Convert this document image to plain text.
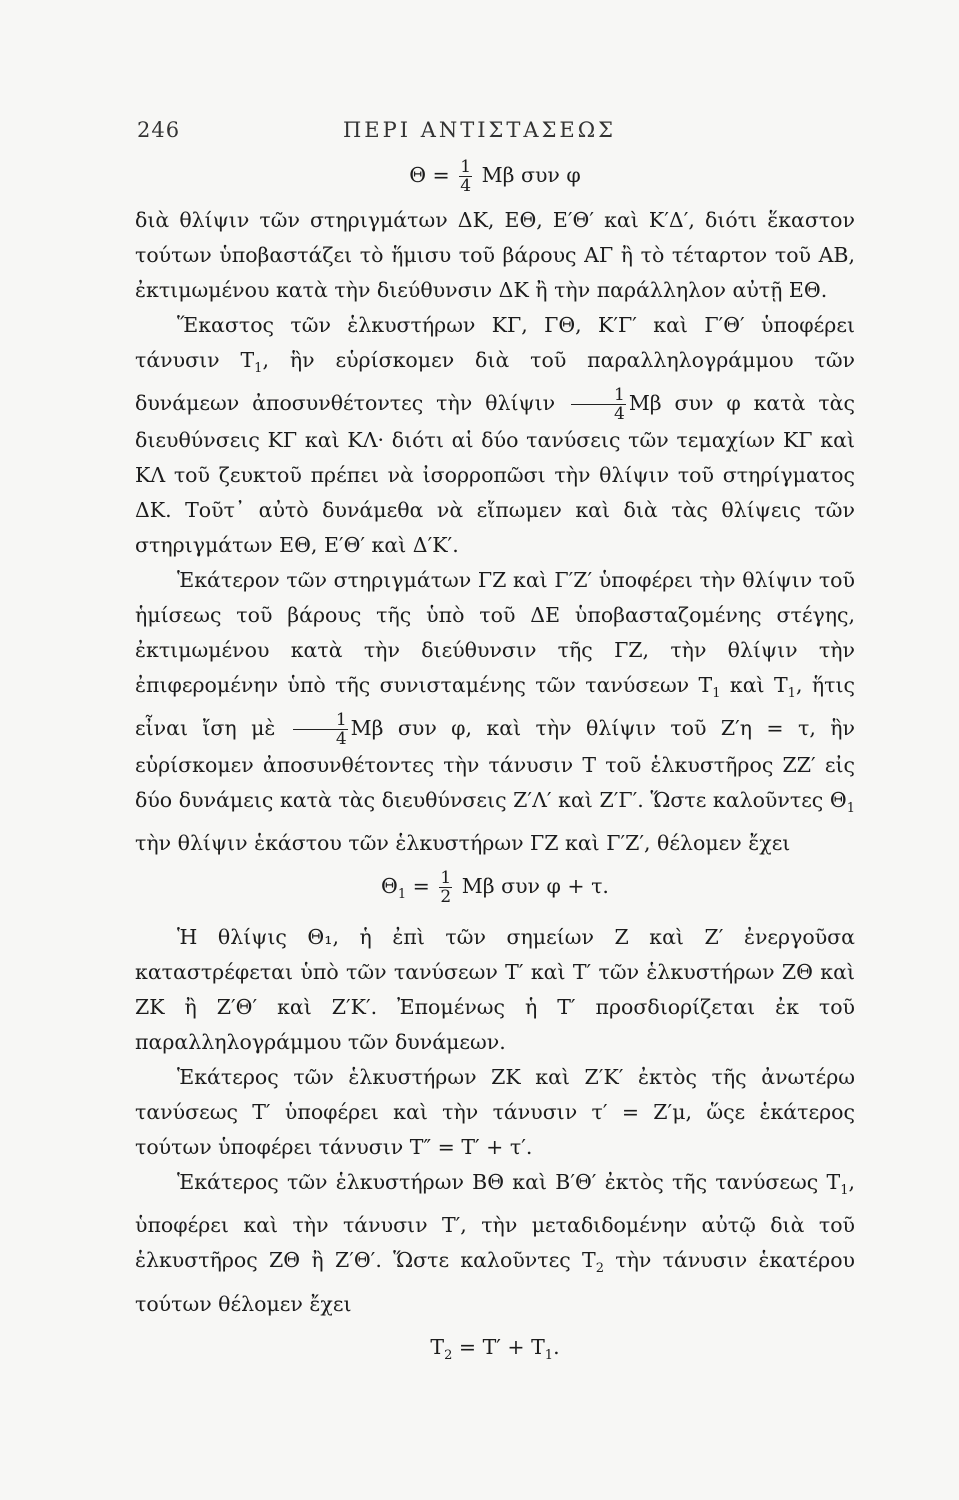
246	ΠΕΡΙ ΑΝΤΙΣΤΑΣΕΩΣ
$\Theta = \frac{1}{4}$ Μβ συν φ

διὰ θλίψιν τῶν στηριγμάτων ΔΚ, ΕΘ, Ε′Θ′ καὶ Κ′Δ′, διότι ἕκαστον τούτων ὑποβαστάζει τὸ ἥμισυ τοῦ βάρους ΑΓ ἢ τὸ τέταρτον τοῦ ΑΒ, ἐκτιμωμένου κατὰ τὴν διεύθυνσιν ΔΚ ἢ τὴν παράλληλον αὐτῇ ΕΘ.

Ἕκαστος τῶν ἑλκυστήρων ΚΓ, ΓΘ, Κ′Γ′ καὶ Γ′Θ′ ὑποφέρει τάνυσιν $T_1$, ἣν εὑρίσκομεν διὰ τοῦ παραλληλογράμμου τῶν δυνάμεων ἀποσυνθέτοντες τὴν θλίψιν $\frac{1}{4}$ Μβ συν φ κατὰ τὰς διευθύνσεις ΚΓ καὶ ΚΛ· διότι αἱ δύο τανύσεις τῶν τεμαχίων ΚΓ καὶ ΚΛ τοῦ ζευκτοῦ πρέπει νὰ ἰσορροπῶσι τὴν θλίψιν τοῦ στηρίγματος ΔΚ. Τοῦτ᾽ αὐτὸ δυνάμεθα νὰ εἴπωμεν καὶ διὰ τὰς θλίψεις τῶν στηριγμάτων ΕΘ, Ε′Θ′ καὶ Δ′Κ′.

Ἑκάτερον τῶν στηριγμάτων ΓΖ καὶ Γ′Ζ′ ὑποφέρει τὴν θλίψιν τοῦ ἡμίσεως τοῦ βάρους τῆς ὑπὸ τοῦ ΔΕ ὑποβασταζομένης στέγης, ἐκτιμωμένου κατὰ τὴν διεύθυνσιν τῆς ΓΖ, τὴν θλίψιν τὴν ἐπιφερομένην ὑπὸ τῆς συνισταμένης τῶν τανύσεων $T_1$ καὶ $T_1$, ἥτις εἶναι ἴση μὲ $\frac{1}{4}$ Μβ συν φ, καὶ τὴν θλίψιν τοῦ Ζ′η = τ, ἣν εὑρίσκομεν ἀποσυνθέτοντες τὴν τάνυσιν Τ τοῦ ἑλκυστῆρος ΖΖ′ εἰς δύο δυνάμεις κατὰ τὰς διευθύνσεις Ζ′Λ′ καὶ Ζ′Γ′. Ὥστε καλοῦντες $\Theta_1$ τὴν θλίψιν ἑκάστου τῶν ἑλκυστήρων ΓΖ καὶ Γ′Ζ′, θέλομεν ἔχει

$\Theta_1 = \frac{1}{2}$ Μβ συν φ + τ.

Ἡ θλίψις Θ₁, ἡ ἐπὶ τῶν σημείων Ζ καὶ Ζ′ ἐνεργοῦσα καταστρέφεται ὑπὸ τῶν τανύσεων Τ′ καὶ Τ′ τῶν ἑλκυστήρων ΖΘ καὶ ΖΚ ἢ Ζ′Θ′ καὶ Ζ′Κ′. Ἐπομένως ἡ Τ′ προσδιορίζεται ἐκ τοῦ παραλληλογράμμου τῶν δυνάμεων.

Ἑκάτερος τῶν ἑλκυστήρων ΖΚ καὶ Ζ′Κ′ ἐκτὸς τῆς ἀνωτέρω τανύσεως Τ′ ὑποφέρει καὶ τὴν τάνυσιν τ′ = Ζ′μ, ὥςε ἑκάτερος τούτων ὑποφέρει τάνυσιν Τ″ = Τ′ + τ′.

Ἑκάτερος τῶν ἑλκυστήρων ΒΘ καὶ Β′Θ′ ἐκτὸς τῆς τανύσεως $T_1$, ὑποφέρει καὶ τὴν τάνυσιν Τ′, τὴν μεταδιδομένην αὐτῷ διὰ τοῦ ἑλκυστῆρος ΖΘ ἢ Ζ′Θ′. Ὥστε καλοῦντες $T_2$ τὴν τάνυσιν ἑκατέρου τούτων θέλομεν ἔχει

$T_2 = T' + T_1$.
